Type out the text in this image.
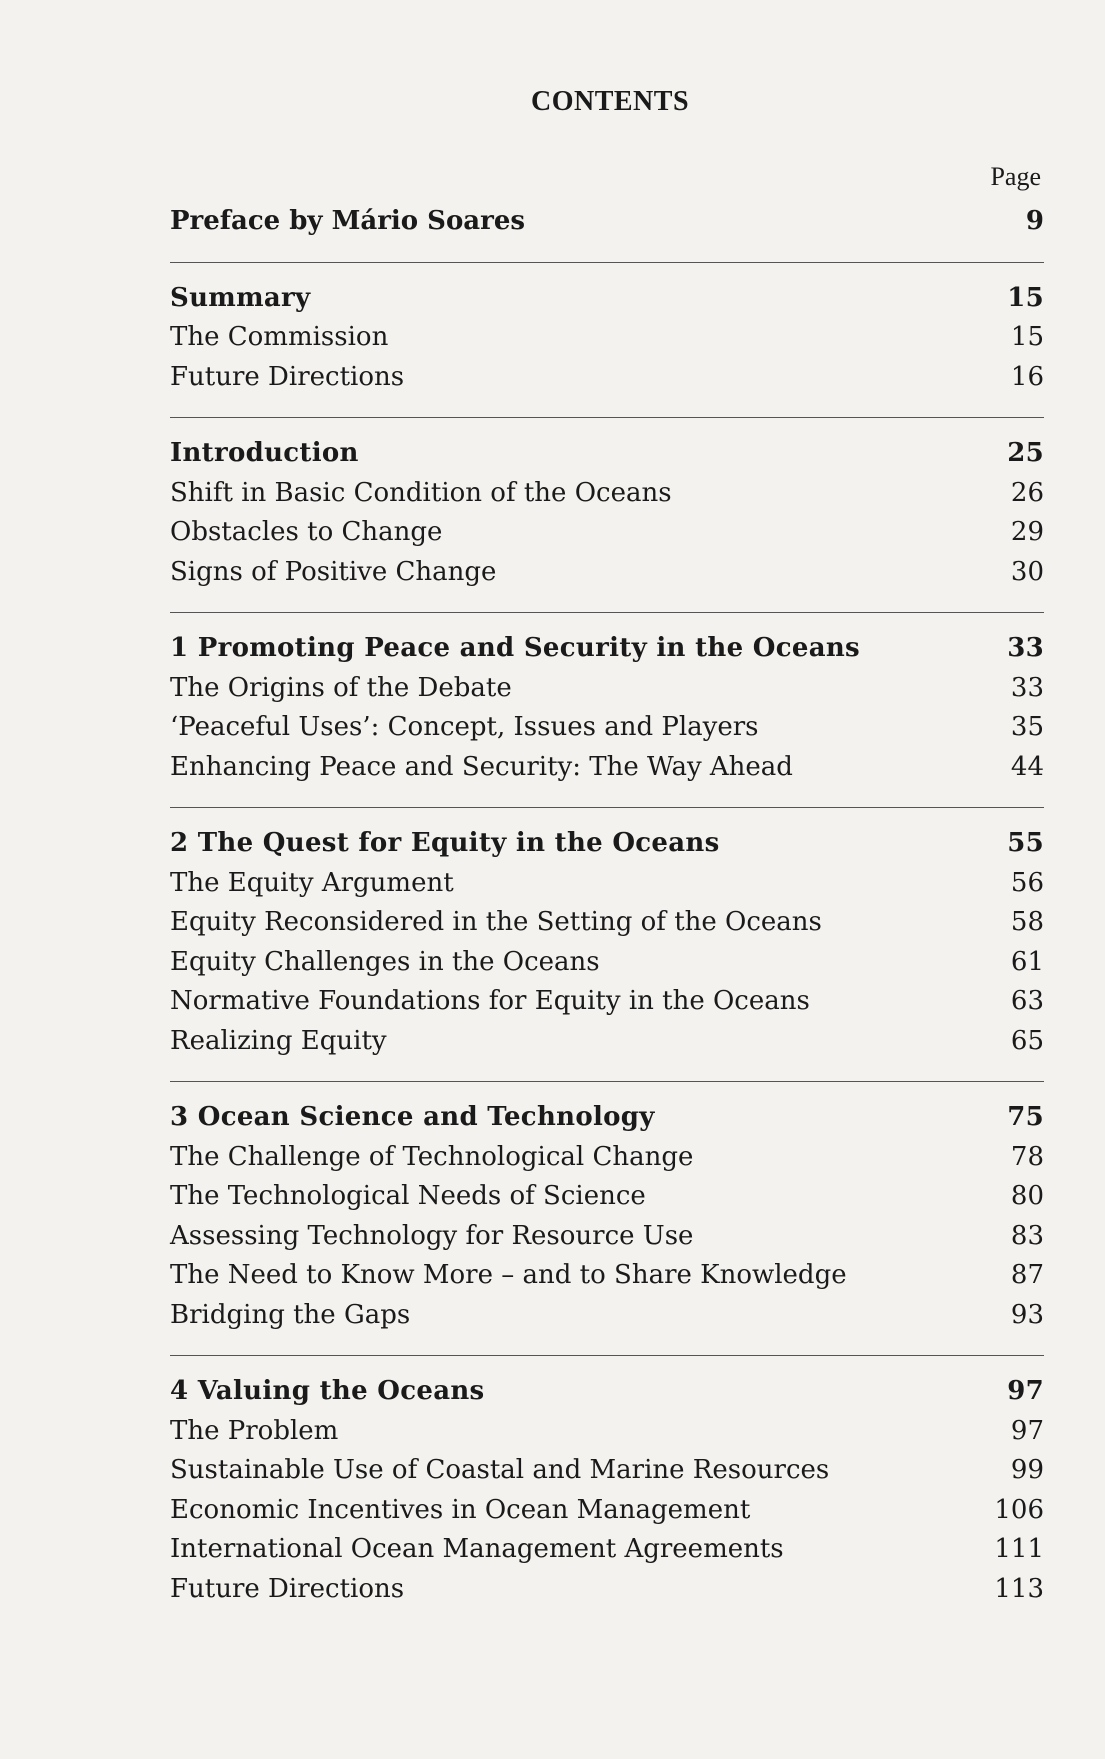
CONTENTS
Page
Preface by Mário Soares	9
Summary	15
The Commission	15
Future Directions	16
Introduction	25
Shift in Basic Condition of the Oceans	26
Obstacles to Change	29
Signs of Positive Change	30
1 Promoting Peace and Security in the Oceans	33
The Origins of the Debate	33
‘Peaceful Uses’: Concept, Issues and Players	35
Enhancing Peace and Security: The Way Ahead	44
2 The Quest for Equity in the Oceans	55
The Equity Argument	56
Equity Reconsidered in the Setting of the Oceans	58
Equity Challenges in the Oceans	61
Normative Foundations for Equity in the Oceans	63
Realizing Equity	65
3 Ocean Science and Technology	75
The Challenge of Technological Change	78
The Technological Needs of Science	80
Assessing Technology for Resource Use	83
The Need to Know More – and to Share Knowledge	87
Bridging the Gaps	93
4 Valuing the Oceans	97
The Problem	97
Sustainable Use of Coastal and Marine Resources	99
Economic Incentives in Ocean Management	106
International Ocean Management Agreements	111
Future Directions	113
